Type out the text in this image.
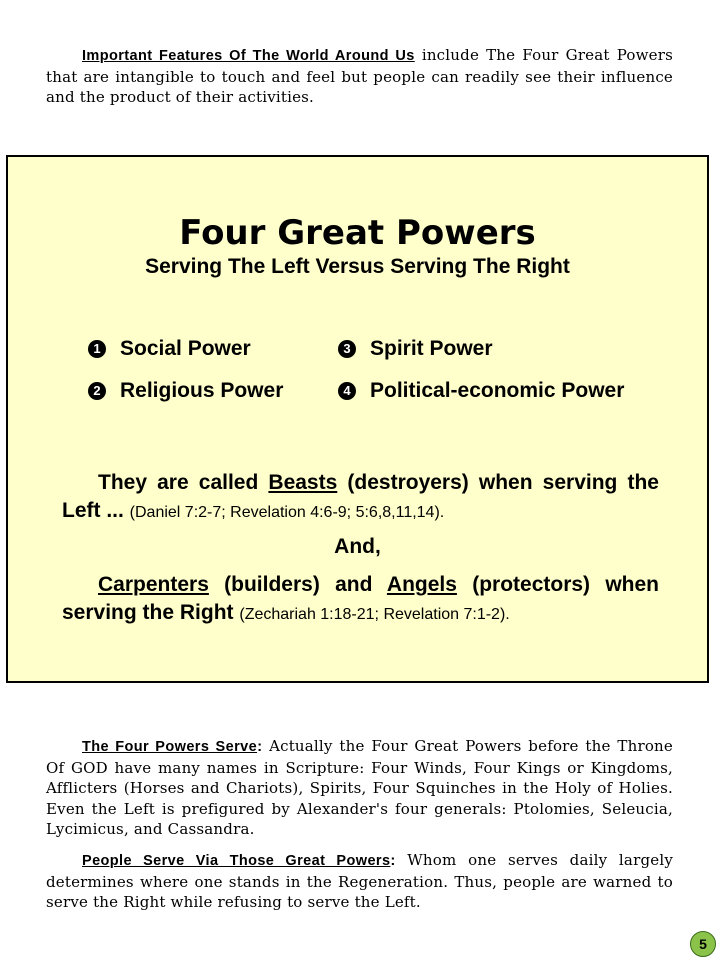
Important Features Of The World Around Us include The Four Great Powers that are intangible to touch and feel but people can readily see their influence and the product of their activities.
Four Great Powers
Serving The Left Versus Serving The Right
1 Social Power
2 Religious Power
3 Spirit Power
4 Political-economic Power
They are called Beasts (destroyers) when serving the Left ... (Daniel 7:2-7; Revelation 4:6-9; 5:6,8,11,14).
And,
Carpenters (builders) and Angels (protectors) when serving the Right (Zechariah 1:18-21; Revelation 7:1-2).
The Four Powers Serve: Actually the Four Great Powers before the Throne Of GOD have many names in Scripture: Four Winds, Four Kings or Kingdoms, Afflicters (Horses and Chariots), Spirits, Four Squinches in the Holy of Holies. Even the Left is prefigured by Alexander's four generals: Ptolomies, Seleucia, Lycimicus, and Cassandra.
People Serve Via Those Great Powers: Whom one serves daily largely determines where one stands in the Regeneration. Thus, people are warned to serve the Right while refusing to serve the Left.
5
